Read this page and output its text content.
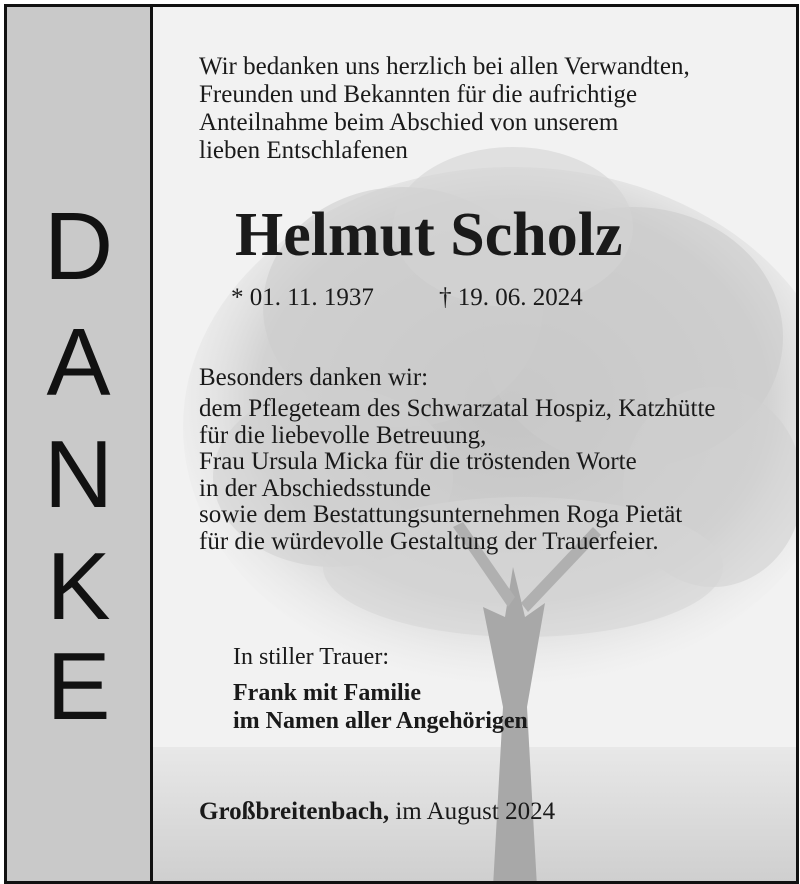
D
A
N
K
E
Wir bedanken uns herzlich bei allen Verwandten,
Freunden und Bekannten für die aufrichtige
Anteilnahme beim Abschied von unserem
lieben Entschlafenen
Helmut Scholz
* 01. 11. 1937	† 19. 06. 2024
Besonders danken wir:
dem Pflegeteam des Schwarzatal Hospiz, Katzhütte
für die liebevolle Betreuung,
Frau Ursula Micka für die tröstenden Worte
in der Abschiedsstunde
sowie dem Bestattungsunternehmen Roga Pietät
für die würdevolle Gestaltung der Trauerfeier.
In stiller Trauer:
Frank mit Familie
im Namen aller Angehörigen
Großbreitenbach, im August 2024
